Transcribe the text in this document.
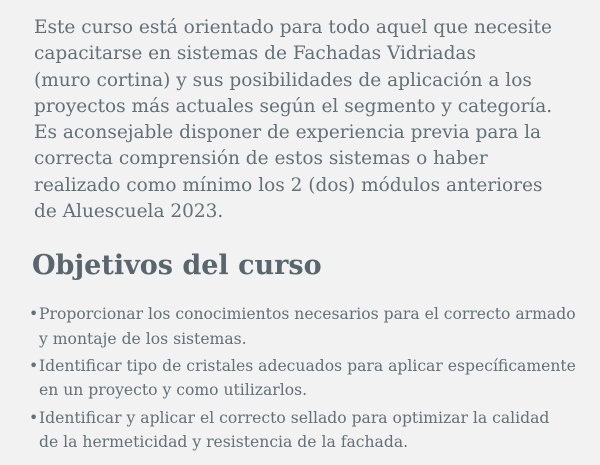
Este curso está orientado para todo aquel que necesite
capacitarse en sistemas de Fachadas Vidriadas
(muro cortina) y sus posibilidades de aplicación a los
proyectos más actuales según el segmento y categoría.
Es aconsejable disponer de experiencia previa para la
correcta comprensión de estos sistemas o haber
realizado como mínimo los 2 (dos) módulos anteriores
de Aluescuela 2023.

Objetivos del curso
• Proporcionar los conocimientos necesarios para el correcto armado
y montaje de los sistemas.
• Identificar tipo de cristales adecuados para aplicar específicamente
en un proyecto y como utilizarlos.
• Identificar y aplicar el correcto sellado para optimizar la calidad
de la hermeticidad y resistencia de la fachada.
